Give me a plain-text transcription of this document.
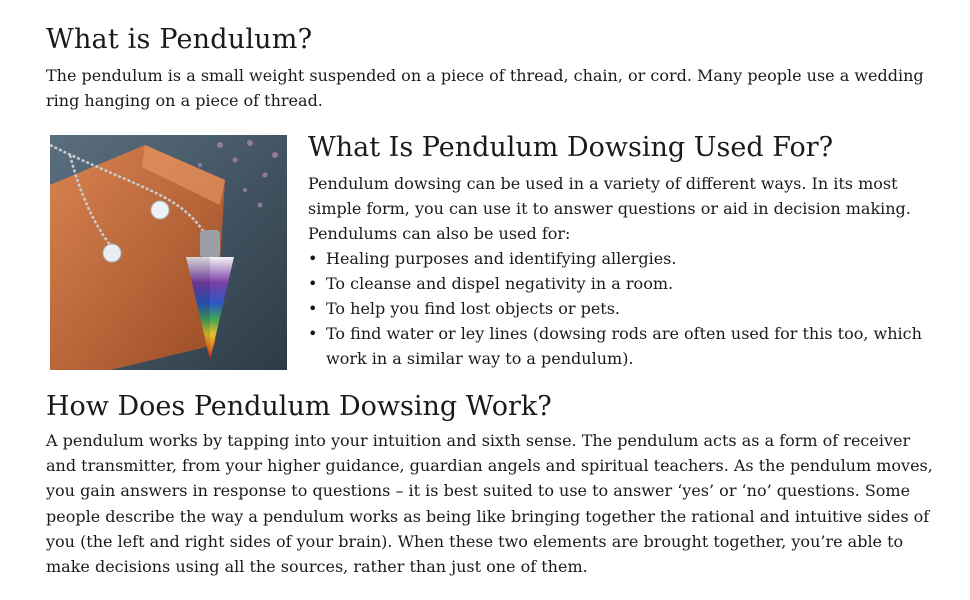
What is Pendulum?

The pendulum is a small weight suspended on a piece of thread, chain, or cord. Many people use a wedding ring hanging on a piece of thread.

What Is Pendulum Dowsing Used For?

Pendulum dowsing can be used in a variety of different ways. In its most simple form, you can use it to answer questions or aid in decision making. Pendulums can also be used for:

• Healing purposes and identifying allergies.
• To cleanse and dispel negativity in a room.
• To help you find lost objects or pets.
• To find water or ley lines (dowsing rods are often used for this too, which work in a similar way to a pendulum).
How Does Pendulum Dowsing Work?

A pendulum works by tapping into your intuition and sixth sense. The pendulum acts as a form of receiver and transmitter, from your higher guidance, guardian angels and spiritual teachers. As the pendulum moves, you gain answers in response to questions – it is best suited to use to answer ‘yes’ or ‘no’ questions. Some people describe the way a pendulum works as being like bringing together the rational and intuitive sides of you (the left and right sides of your brain). When these two elements are brought together, you’re able to make decisions using all the sources, rather than just one of them.
